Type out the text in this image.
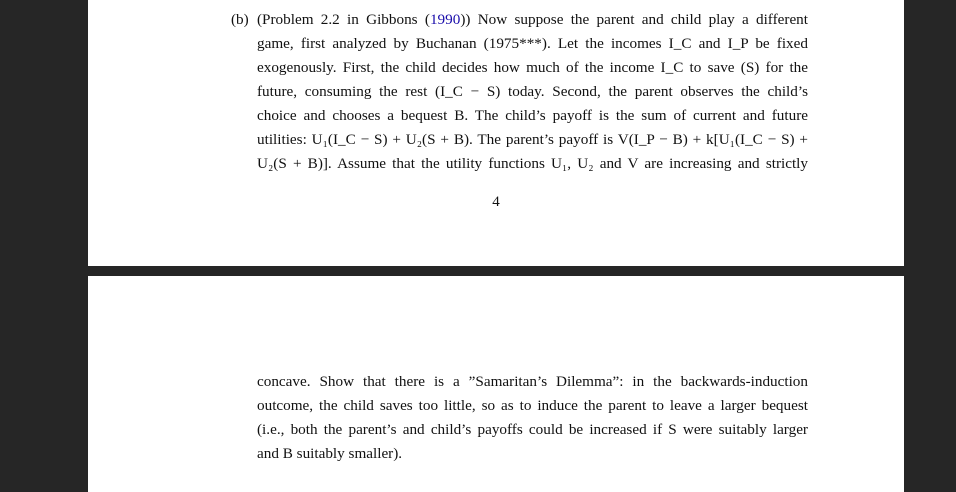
(b) (Problem 2.2 in Gibbons (1990)) Now suppose the parent and child play a different
game, first analyzed by Buchanan (1975***). Let the incomes I_C and I_P be fixed
exogenously. First, the child decides how much of the income I_C to save (S) for the
future, consuming the rest (I_C − S) today. Second, the parent observes the child’s
choice and chooses a bequest B. The child’s payoff is the sum of current and future
utilities: U₁(I_C − S) + U₂(S + B). The parent’s payoff is V(I_P − B) + k[U₁(I_C − S) +
U₂(S + B)]. Assume that the utility functions U₁, U₂ and V are increasing and strictly
4
concave. Show that there is a ”Samaritan’s Dilemma”: in the backwards-induction
outcome, the child saves too little, so as to induce the parent to leave a larger bequest
(i.e., both the parent’s and child’s payoffs could be increased if S were suitably larger
and B suitably smaller).
